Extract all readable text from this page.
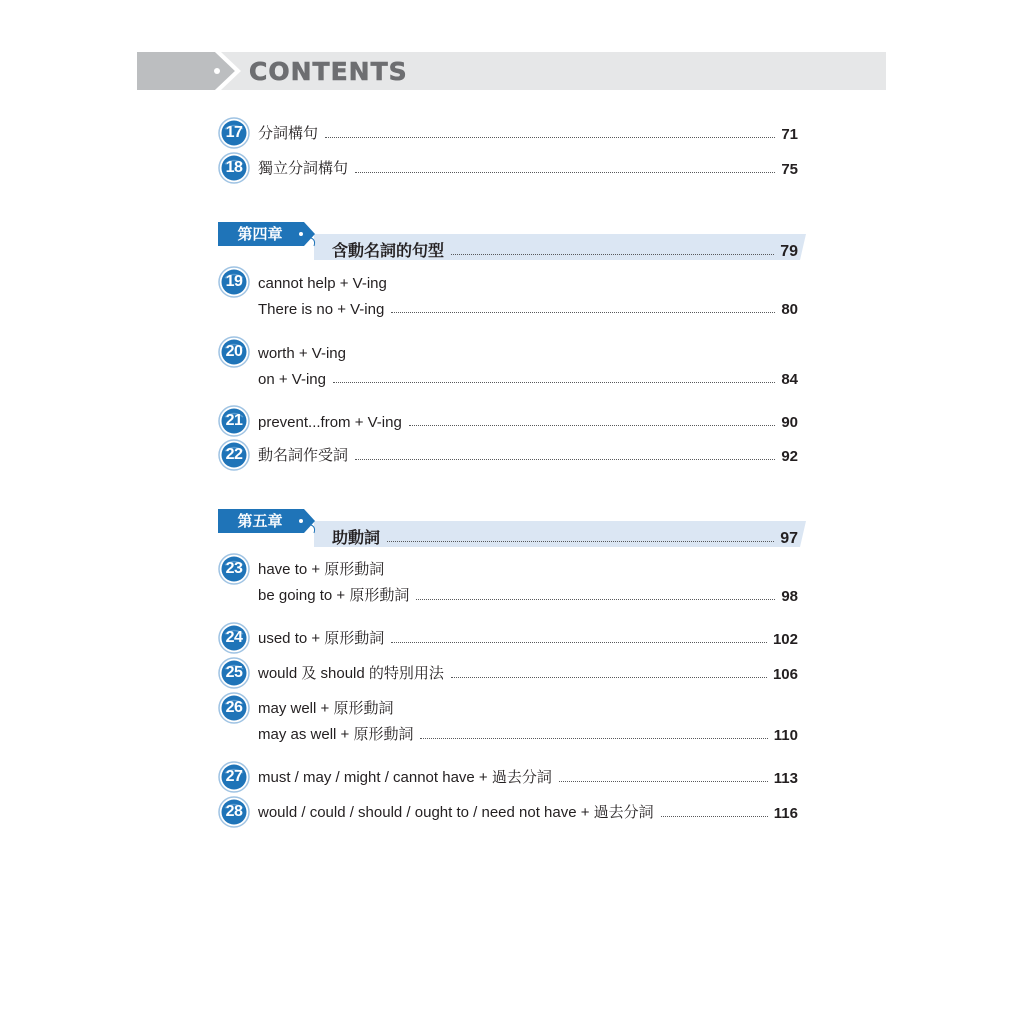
CONTENTS
17	分詞構句	71
18	獨立分詞構句	75
第四章
含動名詞的句型	79
19	cannot help + V-ing
There is no + V-ing	80
20	worth + V-ing
on + V-ing	84
21	prevent...from + V-ing	90
22	動名詞作受詞	92
第五章
助動詞	97
23	have to + 原形動詞
be going to + 原形動詞	98
24	used to + 原形動詞	102
25	would 及 should 的特別用法	106
26	may well + 原形動詞
may as well + 原形動詞	110
27	must / may / might / cannot have + 過去分詞	113
28	would / could / should / ought to / need not have + 過去分詞	116
